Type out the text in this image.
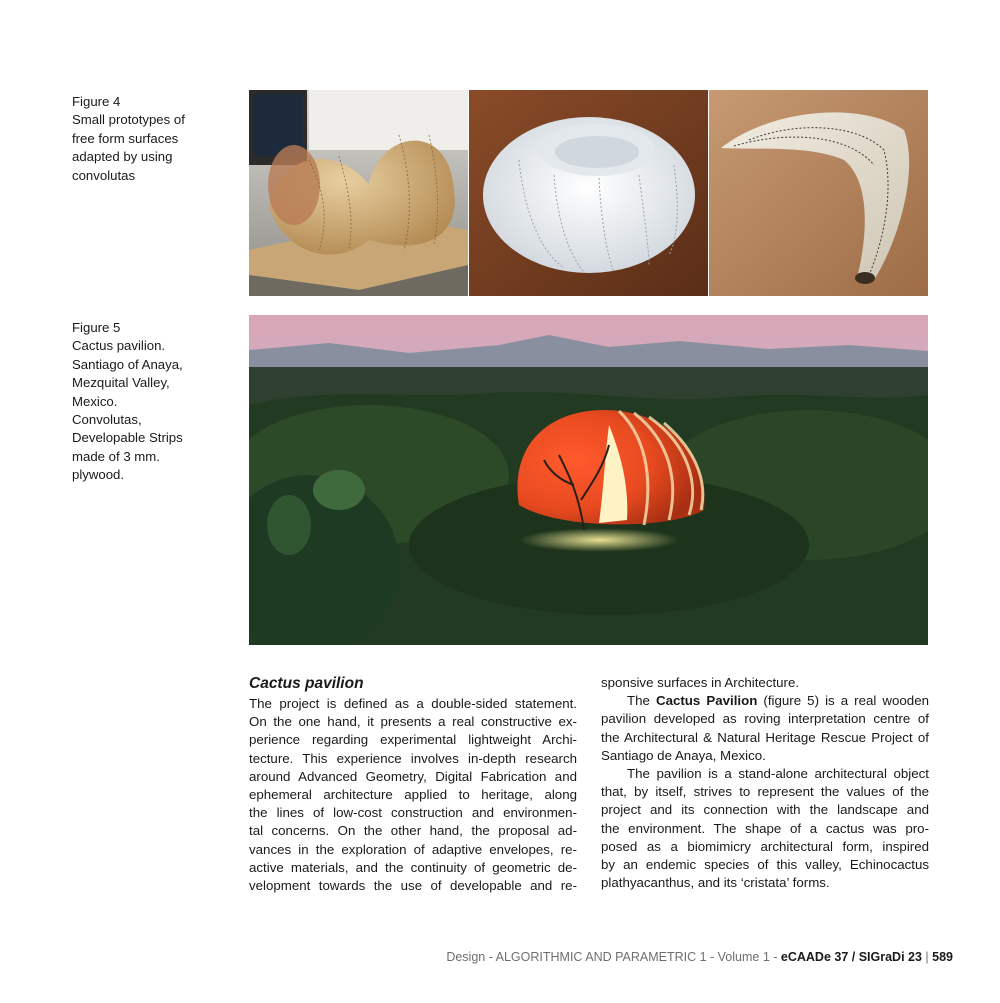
Figure 4
Small prototypes of
free form surfaces
adapted by using
convolutas
Figure 5
Cactus pavilion.
Santiago of Anaya,
Mezquital Valley,
Mexico.
Convolutas,
Developable Strips
made of 3 mm.
plywood.
Cactus pavilion

The project is defined as a double-sided statement.
On the one hand, it presents a real constructive ex-
perience regarding experimental lightweight Archi-
tecture. This experience involves in-depth research
around Advanced Geometry, Digital Fabrication and
ephemeral architecture applied to heritage, along
the lines of low-cost construction and environmen-
tal concerns. On the other hand, the proposal ad-
vances in the exploration of adaptive envelopes, re-
active materials, and the continuity of geometric de-
velopment towards the use of developable and re-

sponsive surfaces in Architecture.

The Cactus Pavilion (figure 5) is a real wooden

pavilion developed as roving interpretation centre of
the Architectural & Natural Heritage Rescue Project of
Santiago de Anaya, Mexico.

The pavilion is a stand-alone architectural object

that, by itself, strives to represent the values of the
project and its connection with the landscape and
the environment. The shape of a cactus was pro-
posed as a biomimicry architectural form, inspired
by an endemic species of this valley, Echinocactus
plathyacanthus, and its ‘cristata’ forms.

Design - ALGORITHMIC AND PARAMETRIC 1 - Volume 1 - eCAADe 37 / SIGraDi 23 | 589
